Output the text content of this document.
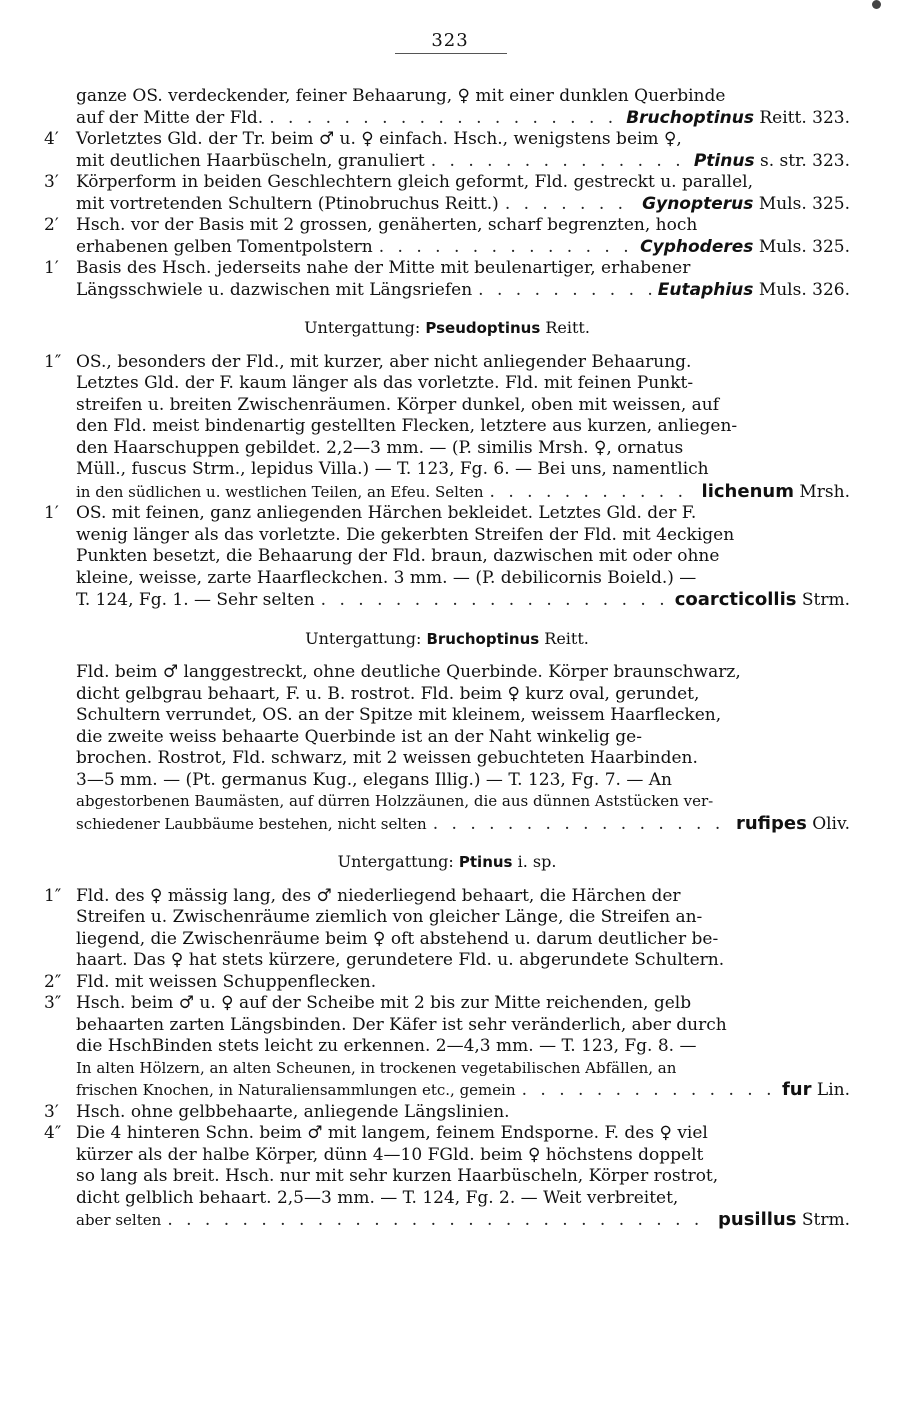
323
ganze OS. verdeckender, feiner Behaarung, ♀ mit einer dunklen Querbinde
auf der Mitte der Fld. . . .	Bruchoptinus
Reitt. 323.
4′	Vorletztes Gld. der Tr. beim ♂ u. ♀ einfach. Hsch., wenigstens beim ♀,
mit deutlichen Haarbüscheln, granuliert . . .	Ptinus
s. str. 323.
3′	Körperform in beiden Geschlechtern gleich geformt, Fld. gestreckt u. parallel,
mit vortretenden Schultern (Ptinobruchus Reitt.) . . .	Gynopterus
Muls. 325.
2′	Hsch. vor der Basis mit 2 grossen, genäherten, scharf begrenzten, hoch
erhabenen gelben Tomentpolstern . . .	Cyphoderes
Muls. 325.
1′	Basis des Hsch. jederseits nahe der Mitte mit beulenartiger, erhabener
Längsschwiele u. dazwischen mit Längsriefen . . .	Eutaphius
Muls. 326.
Untergattung: Pseudoptinus Reitt.
1″ OS., besonders der Fld., mit kurzer, aber nicht anliegender Behaarung.
Letztes Gld. der F. kaum länger als das vorletzte. Fld. mit feinen Punkt-
streifen u. breiten Zwischenräumen. Körper dunkel, oben mit weissen, auf
den Fld. meist bindenartig gestellten Flecken, letztere aus kurzen, anliegen-
den Haarschuppen gebildet. 2,2—3 mm. — (P. similis Mrsh. ♀, ornatus
Müll., fuscus Strm., lepidus Villa.) — T. 123, Fg. 6. — Bei uns, namentlich
in den südlichen u. westlichen Teilen, an Efeu. Selten . . .	lichenum
Mrsh.
1′	OS. mit feinen, ganz anliegenden Härchen bekleidet. Letztes Gld. der F.
wenig länger als das vorletzte. Die gekerbten Streifen der Fld. mit 4eckigen
Punkten besetzt, die Behaarung der Fld. braun, dazwischen mit oder ohne
kleine, weisse, zarte Haarfleckchen. 3 mm. — (P. debilicornis Boield.) —
T. 124, Fg. 1. — Sehr selten . . .	coarcticollis
Strm.
Untergattung: Bruchoptinus Reitt.
Fld. beim ♂ langgestreckt, ohne deutliche Querbinde. Körper braunschwarz,
dicht gelbgrau behaart, F. u. B. rostrot. Fld. beim ♀ kurz oval, gerundet,
Schultern verrundet, OS. an der Spitze mit kleinem, weissem Haarflecken,
die zweite weiss behaarte Querbinde ist an der Naht winkelig ge-
brochen. Rostrot, Fld. schwarz, mit 2 weissen gebuchteten Haarbinden.
3—5 mm. — (Pt. germanus Kug., elegans Illig.) — T. 123, Fg. 7. — An
abgestorbenen Baumästen, auf dürren Holzzäunen, die aus dünnen Aststücken ver-
schiedener Laubbäume bestehen, nicht selten . . .	rufipes
Oliv.
Untergattung: Ptinus i. sp.
1″ Fld. des ♀ mässig lang, des ♂ niederliegend behaart, die Härchen der
Streifen u. Zwischenräume ziemlich von gleicher Länge, die Streifen an-
liegend, die Zwischenräume beim ♀ oft abstehend u. darum deutlicher be-
haart. Das ♀ hat stets kürzere, gerundetere Fld. u. abgerundete Schultern.
2″ Fld. mit weissen Schuppenflecken.
3″ Hsch. beim ♂ u. ♀ auf der Scheibe mit 2 bis zur Mitte reichenden, gelb
behaarten zarten Längsbinden. Der Käfer ist sehr veränderlich, aber durch
die HschBinden stets leicht zu erkennen. 2—4,3 mm. — T. 123, Fg. 8. —
In alten Hölzern, an alten Scheunen, in trockenen vegetabilischen Abfällen, an
frischen Knochen, in Naturaliensammlungen etc., gemein . . .	fur
Lin.
3′	Hsch. ohne gelbbehaarte, anliegende Längslinien.
4″ Die 4 hinteren Schn. beim ♂ mit langem, feinem Endsporne. F. des ♀ viel
kürzer als der halbe Körper, dünn 4—10 FGld. beim ♀ höchstens doppelt
so lang als breit. Hsch. nur mit sehr kurzen Haarbüscheln, Körper rostrot,
dicht gelblich behaart. 2,5—3 mm. — T. 124, Fg. 2. — Weit verbreitet,
aber selten . . .	pusillus
Strm.
